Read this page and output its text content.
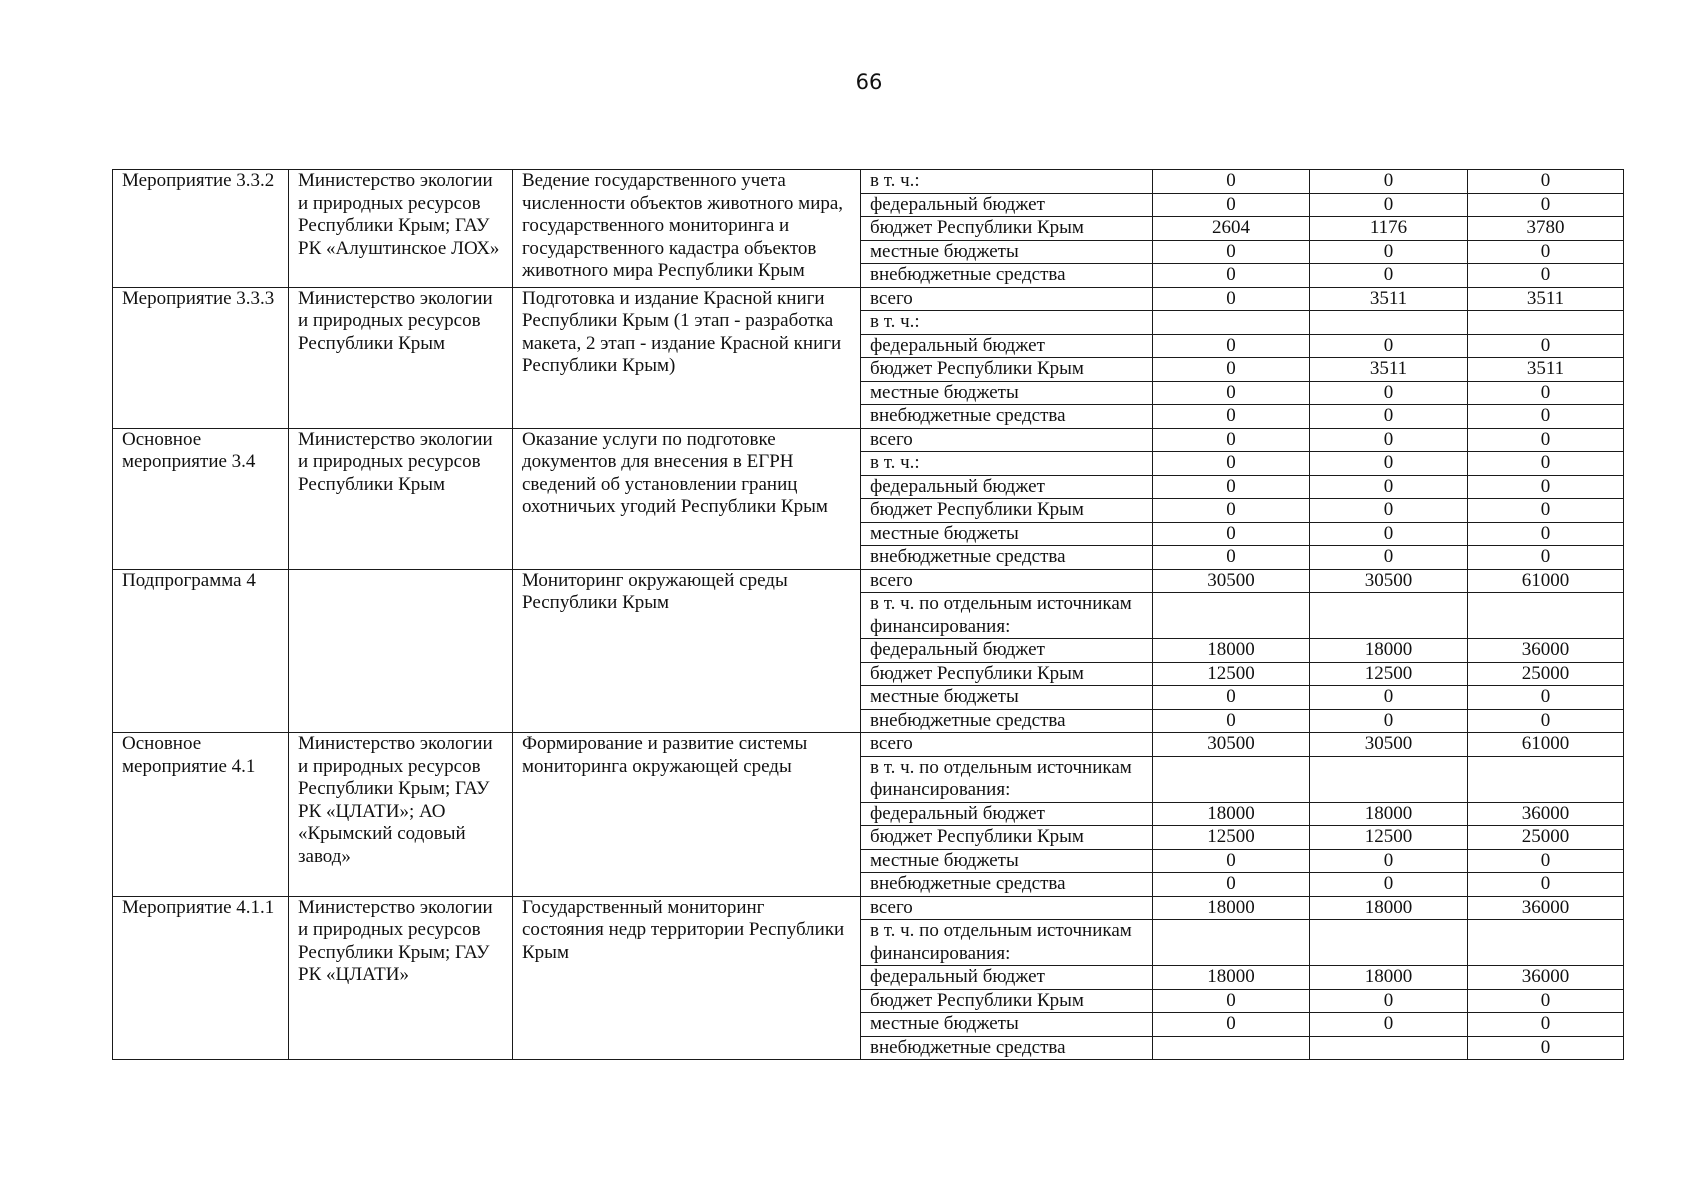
66
Мероприятие 3.3.2	Министерство экологии и природных ресурсов Республики Крым; ГАУ РК «Алуштинское ЛОХ»	Ведение государственного учета численности объектов животного мира, государственного мониторинга и государственного кадастра объектов животного мира Республики Крым	в т. ч.:	0	0	0
			федеральный бюджет	0	0	0
			бюджет Республики Крым	2604	1176	3780
			местные бюджеты	0	0	0
			внебюджетные средства	0	0	0
Мероприятие 3.3.3	Министерство экологии и природных ресурсов Республики Крым	Подготовка и издание Красной книги Республики Крым (1 этап - разработка макета, 2 этап - издание Красной книги Республики Крым)	всего	0	3511	3511
			в т. ч.:			
			федеральный бюджет	0	0	0
			бюджет Республики Крым	0	3511	3511
			местные бюджеты	0	0	0
			внебюджетные средства	0	0	0
Основное мероприятие 3.4	Министерство экологии и природных ресурсов Республики Крым	Оказание услуги по подготовке документов для внесения в ЕГРН сведений об установлении границ охотничьих угодий Республики Крым	всего	0	0	0
			в т. ч.:	0	0	0
			федеральный бюджет	0	0	0
			бюджет Республики Крым	0	0	0
			местные бюджеты	0	0	0
			внебюджетные средства	0	0	0
Подпрограмма 4		Мониторинг окружающей среды Республики Крым	всего	30500	30500	61000
			в т. ч. по отдельным источникам финансирования:			
			федеральный бюджет	18000	18000	36000
			бюджет Республики Крым	12500	12500	25000
			местные бюджеты	0	0	0
			внебюджетные средства	0	0	0
Основное мероприятие 4.1	Министерство экологии и природных ресурсов Республики Крым; ГАУ РК «ЦЛАТИ»; АО «Крымский содовый завод»	Формирование и развитие системы мониторинга окружающей среды	всего	30500	30500	61000
			в т. ч. по отдельным источникам финансирования:			
			федеральный бюджет	18000	18000	36000
			бюджет Республики Крым	12500	12500	25000
			местные бюджеты	0	0	0
			внебюджетные средства	0	0	0
Мероприятие 4.1.1	Министерство экологии и природных ресурсов Республики Крым; ГАУ РК «ЦЛАТИ»	Государственный мониторинг состояния недр территории Республики Крым	всего	18000	18000	36000
			в т. ч. по отдельным источникам финансирования:			
			федеральный бюджет	18000	18000	36000
			бюджет Республики Крым	0	0	0
			местные бюджеты	0	0	0
			внебюджетные средства			0
